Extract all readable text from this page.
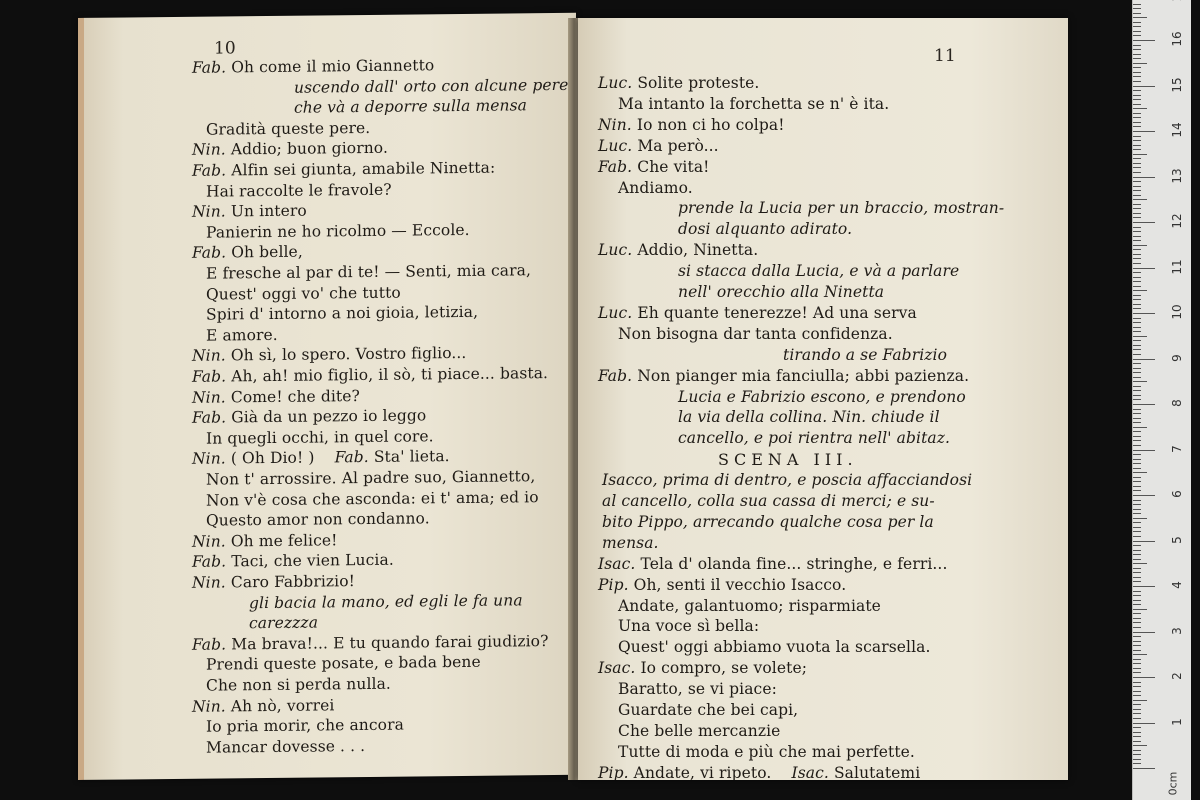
10
Fab. Oh come il mio Giannetto
uscendo dall' orto con alcune pere
che và a deporre sulla mensa
Gradità queste pere.
Nin. Addio; buon giorno.
Fab. Alfin sei giunta, amabile Ninetta:
Hai raccolte le fravole?
Nin. Un intero
Panierin ne ho ricolmo — Eccole.
Fab. Oh belle,
E fresche al par di te! — Senti, mia cara,
Quest' oggi vo' che tutto
Spiri d' intorno a noi gioia, letizia,
E amore.
Nin. Oh sì, lo spero. Vostro figlio...
Fab. Ah, ah! mio figlio, il sò, ti piace... basta.
Nin. Come! che dite?
Fab. Già da un pezzo io leggo
In quegli occhi, in quel core.
Nin. ( Oh Dio! ) Fab. Sta' lieta.
Non t' arrossire. Al padre suo, Giannetto,
Non v'è cosa che asconda: ei t' ama; ed io
Questo amor non condanno.
Nin. Oh me felice!
Fab. Taci, che vien Lucia.
Nin. Caro Fabbrizio!
gli bacia la mano, ed egli le fa una
carezzza
Fab. Ma brava!... E tu quando farai giudizio?
Prendi queste posate, e bada bene
Che non si perda nulla.
Nin. Ah nò, vorrei
Io pria morir, che ancora
Mancar dovesse . . .
11
Luc. Solite proteste.
Ma intanto la forchetta se n' è ita.
Nin. Io non ci ho colpa!
Luc. Ma però...
Fab. Che vita!
Andiamo.
prende la Lucia per un braccio, mostran-
dosi alquanto adirato.
Luc. Addio, Ninetta.
si stacca dalla Lucia, e và a parlare
nell' orecchio alla Ninetta
Luc. Eh quante tenerezze! Ad una serva
Non bisogna dar tanta confidenza.
tirando a se Fabrizio
Fab. Non pianger mia fanciulla; abbi pazienza.
Lucia e Fabrizio escono, e prendono
la via della collina. Nin. chiude il
cancello, e poi rientra nell' abitaz.
SCENA III.
Isacco, prima di dentro, e poscia affacciandosi
al cancello, colla sua cassa di merci; e su-
bito Pippo, arrecando qualche cosa per la
mensa.
Isac. Tela d' olanda fine... stringhe, e ferri...
Pip. Oh, senti il vecchio Isacco.
Andate, galantuomo; risparmiate
Una voce sì bella:
Quest' oggi abbiamo vuota la scarsella.
Isac. Io compro, se volete;
Baratto, se vi piace:
Guardate che bei capi,
Che belle mercanzie
Tutte di moda e più che mai perfette.
Pip. Andate, vi ripeto. Isac. Salutatemi	0cm
1
2
3
4
5
6
7
8
9
10
11
12
13
14
15
16
